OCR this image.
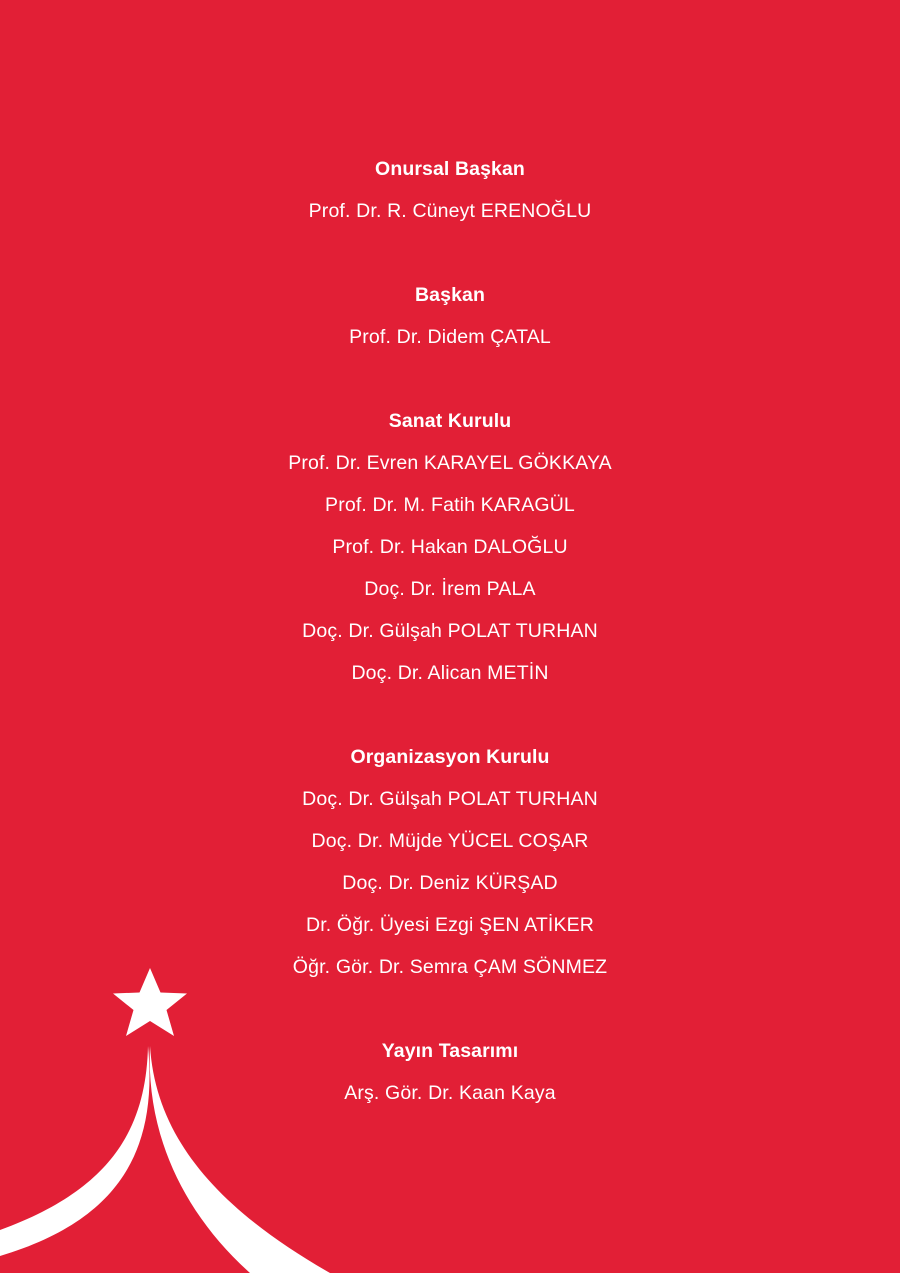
Onursal Başkan
Prof. Dr. R. Cüneyt ERENOĞLU
Başkan
Prof. Dr. Didem ÇATAL
Sanat Kurulu
Prof. Dr. Evren KARAYEL GÖKKAYA
Prof. Dr. M. Fatih KARAGÜL
Prof. Dr. Hakan DALOĞLU
Doç. Dr. İrem PALA
Doç. Dr. Gülşah POLAT TURHAN
Doç. Dr. Alican METİN
Organizasyon Kurulu
Doç. Dr. Gülşah POLAT TURHAN
Doç. Dr. Müjde YÜCEL COŞAR
Doç. Dr. Deniz KÜRŞAD
Dr. Öğr. Üyesi Ezgi ŞEN ATİKER
Öğr. Gör. Dr. Semra ÇAM SÖNMEZ
Yayın Tasarımı
Arş. Gör. Dr. Kaan Kaya
